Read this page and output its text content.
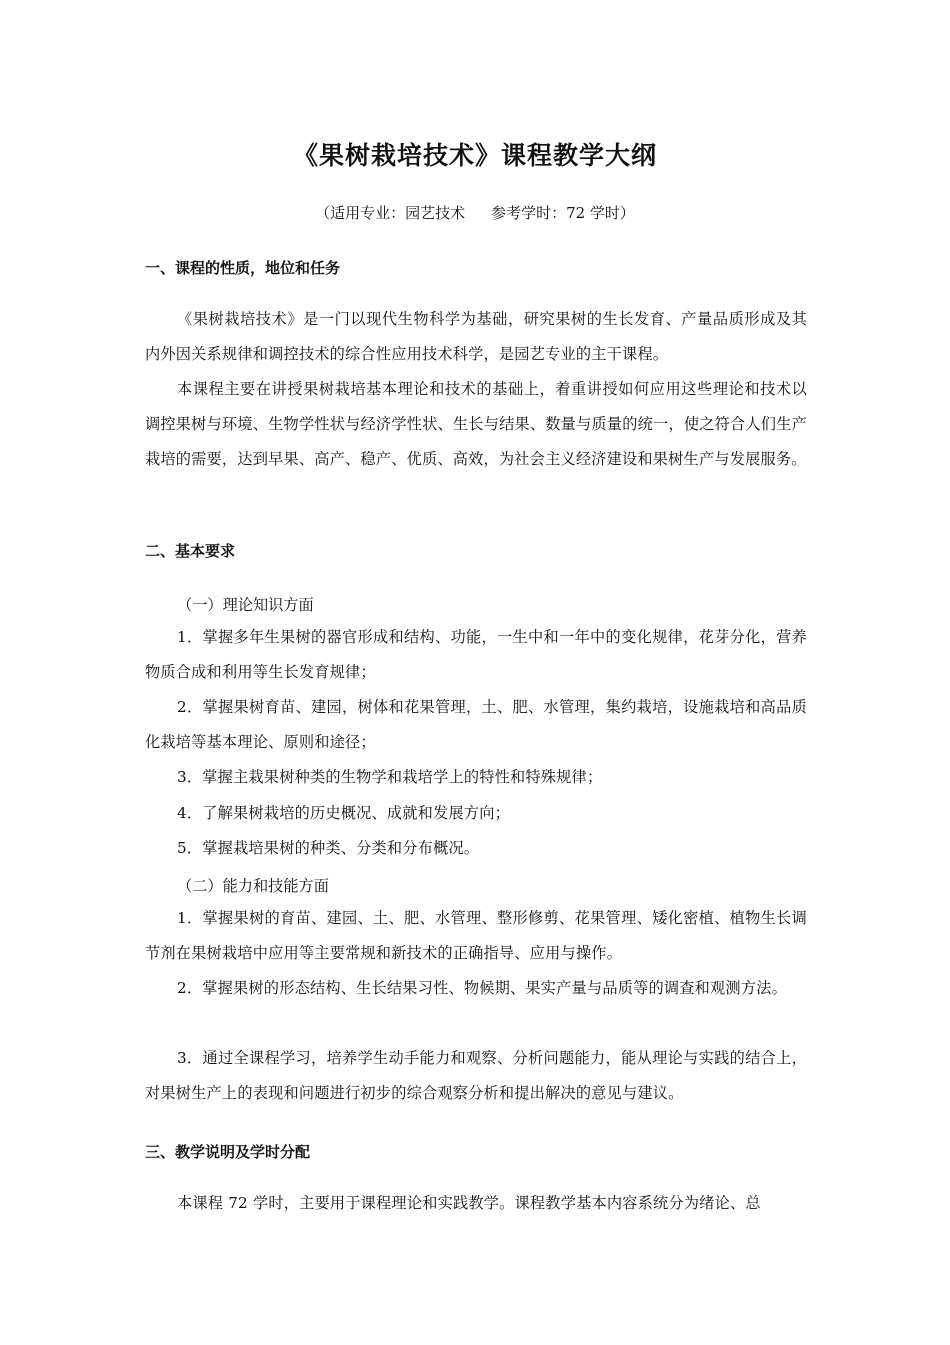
《果树栽培技术》课程教学大纲
（适用专业：园艺技术 参考学时：72 学时）
一、课程的性质，地位和任务

《果树栽培技术》是一门以现代生物科学为基础，研究果树的生长发育、产量品质形成及其内外因关系规律和调控技术的综合性应用技术科学，是园艺专业的主干课程。

本课程主要在讲授果树栽培基本理论和技术的基础上，着重讲授如何应用这些理论和技术以调控果树与环境、生物学性状与经济学性状、生长与结果、数量与质量的统一，使之符合人们生产栽培的需要，达到早果、高产、稳产、优质、高效，为社会主义经济建设和果树生产与发展服务。

二、基本要求
（一）理论知识方面

1．掌握多年生果树的器官形成和结构、功能，一生中和一年中的变化规律，花芽分化，营养物质合成和利用等生长发育规律；

2．掌握果树育苗、建园，树体和花果管理，土、肥、水管理，集约栽培，设施栽培和高品质化栽培等基本理论、原则和途径；

3．掌握主栽果树种类的生物学和栽培学上的特性和特殊规律；

4．了解果树栽培的历史概况、成就和发展方向；

5．掌握栽培果树的种类、分类和分布概况。

（二）能力和技能方面

1．掌握果树的育苗、建园、土、肥、水管理、整形修剪、花果管理、矮化密植、植物生长调节剂在果树栽培中应用等主要常规和新技术的正确指导、应用与操作。

2．掌握果树的形态结构、生长结果习性、物候期、果实产量与品质等的调查和观测方法。

3．通过全课程学习，培养学生动手能力和观察、分析问题能力，能从理论与实践的结合上，对果树生产上的表现和问题进行初步的综合观察分析和提出解决的意见与建议。

三、教学说明及学时分配

本课程 72 学时，主要用于课程理论和实践教学。课程教学基本内容系统分为绪论、总
